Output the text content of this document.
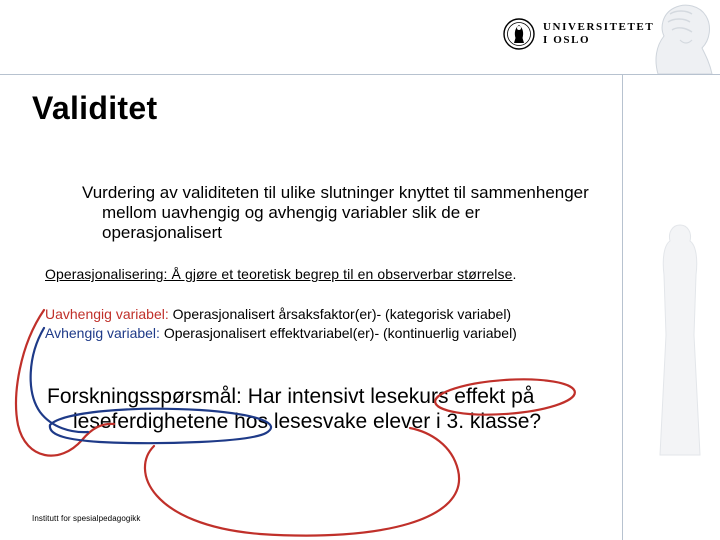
UNIVERSITETET
I OSLO
Validitet
Vurdering av validiteten til ulike slutninger knyttet til sammenhenger
mellom uavhengig og avhengig variabler slik de er
operasjonalisert
Operasjonalisering: Å gjøre et teoretisk begrep til en observerbar størrelse.
Uavhengig variabel: Operasjonalisert årsaksfaktor(er)- (kategorisk variabel)
Avhengig variabel: Operasjonalisert effektvariabel(er)- (kontinuerlig variabel)
Forskningsspørsmål: Har intensivt lesekurs effekt på
leseferdighetene hos lesesvake elever i 3. klasse?
Institutt for spesialpedagogikk
